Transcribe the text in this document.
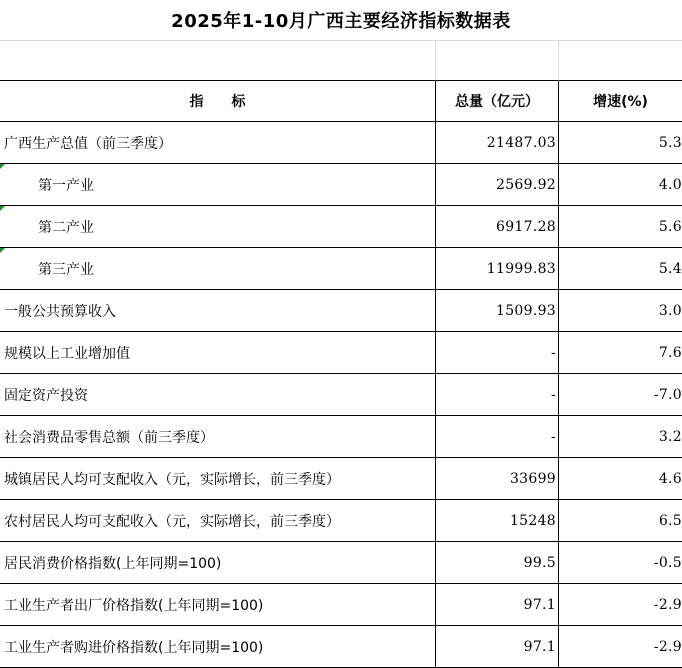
2025年1-10月广西主要经济指标数据表
指　　标	总量（亿元）	增速(%)
广西生产总值（前三季度）	21487.03	5.3
第一产业	2569.92	4.0
第二产业	6917.28	5.6
第三产业	11999.83	5.4
一般公共预算收入	1509.93	3.0
规模以上工业增加值	-	7.6
固定资产投资	-	-7.0
社会消费品零售总额（前三季度）	-	3.2
城镇居民人均可支配收入（元，实际增长，前三季度）	33699	4.6
农村居民人均可支配收入（元，实际增长，前三季度）	15248	6.5
居民消费价格指数(上年同期=100)	99.5	-0.5
工业生产者出厂价格指数(上年同期=100)	97.1	-2.9
工业生产者购进价格指数(上年同期=100)	97.1	-2.9
